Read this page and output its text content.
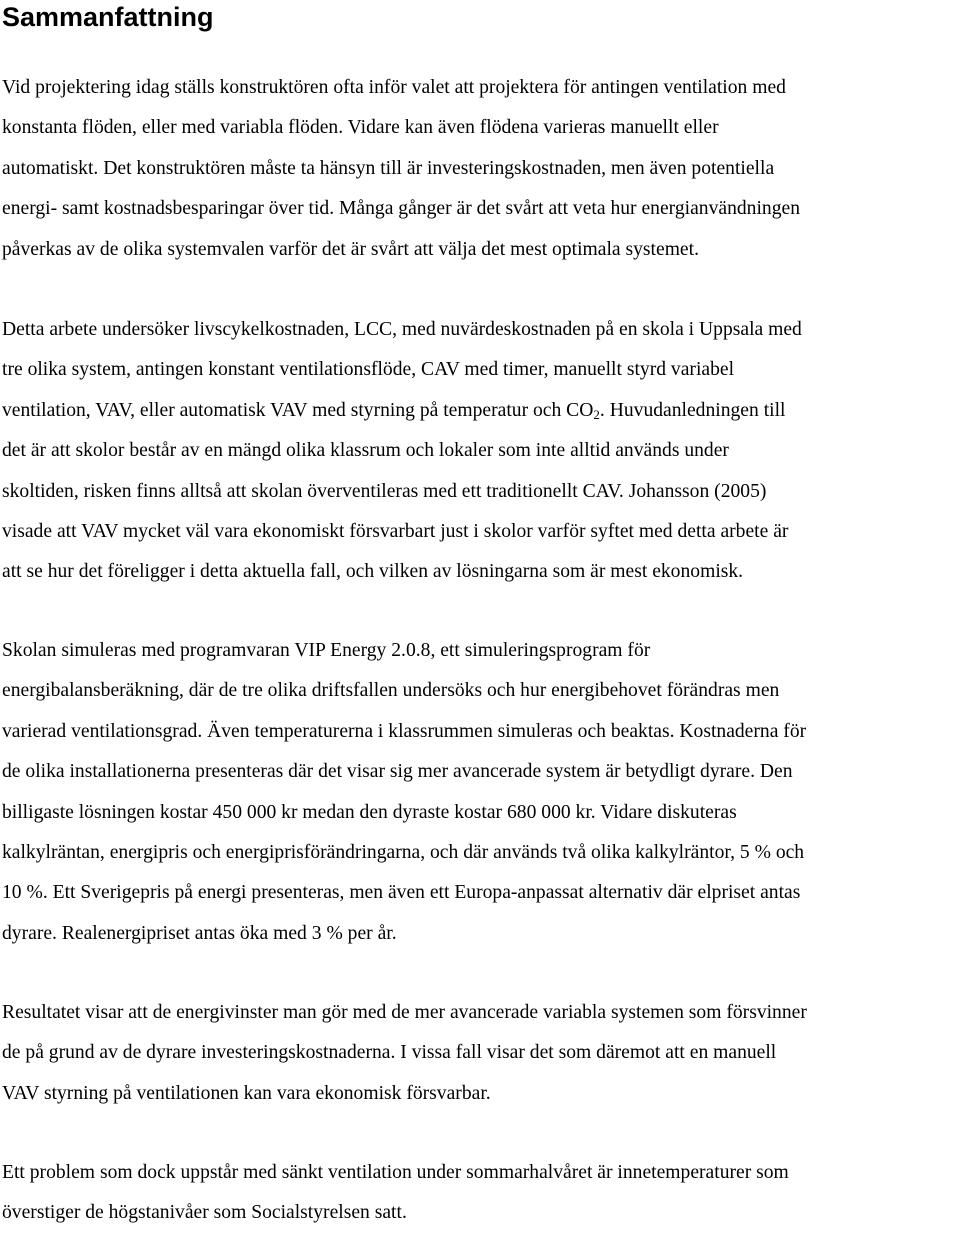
Sammanfattning

Vid projektering idag ställs konstruktören ofta inför valet att projektera för antingen ventilation med
konstanta flöden, eller med variabla flöden. Vidare kan även flödena varieras manuellt eller
automatiskt. Det konstruktören måste ta hänsyn till är investeringskostnaden, men även potentiella
energi- samt kostnadsbesparingar över tid. Många gånger är det svårt att veta hur energianvändningen
påverkas av de olika systemvalen varför det är svårt att välja det mest optimala systemet.

Detta arbete undersöker livscykelkostnaden, LCC, med nuvärdeskostnaden på en skola i Uppsala med
tre olika system, antingen konstant ventilationsflöde, CAV med timer, manuellt styrd variabel
ventilation, VAV, eller automatisk VAV med styrning på temperatur och $CO_2$. Huvudanledningen till
det är att skolor består av en mängd olika klassrum och lokaler som inte alltid används under
skoltiden, risken finns alltså att skolan överventileras med ett traditionellt CAV. Johansson (2005)
visade att VAV mycket väl vara ekonomiskt försvarbart just i skolor varför syftet med detta arbete är
att se hur det föreligger i detta aktuella fall, och vilken av lösningarna som är mest ekonomisk.

Skolan simuleras med programvaran VIP Energy 2.0.8, ett simuleringsprogram för
energibalansberäkning, där de tre olika driftsfallen undersöks och hur energibehovet förändras men
varierad ventilationsgrad. Även temperaturerna i klassrummen simuleras och beaktas. Kostnaderna för
de olika installationerna presenteras där det visar sig mer avancerade system är betydligt dyrare. Den
billigaste lösningen kostar 450 000 kr medan den dyraste kostar 680 000 kr. Vidare diskuteras
kalkylräntan, energipris och energiprisförändringarna, och där används två olika kalkylräntor, 5 % och
10 %. Ett Sverigepris på energi presenteras, men även ett Europa-anpassat alternativ där elpriset antas
dyrare. Realenergipriset antas öka med 3 % per år.

Resultatet visar att de energivinster man gör med de mer avancerade variabla systemen som försvinner
de på grund av de dyrare investeringskostnaderna. I vissa fall visar det som däremot att en manuell
VAV styrning på ventilationen kan vara ekonomisk försvarbar.

Ett problem som dock uppstår med sänkt ventilation under sommarhalvåret är innetemperaturer som
överstiger de högstanivåer som Socialstyrelsen satt.
